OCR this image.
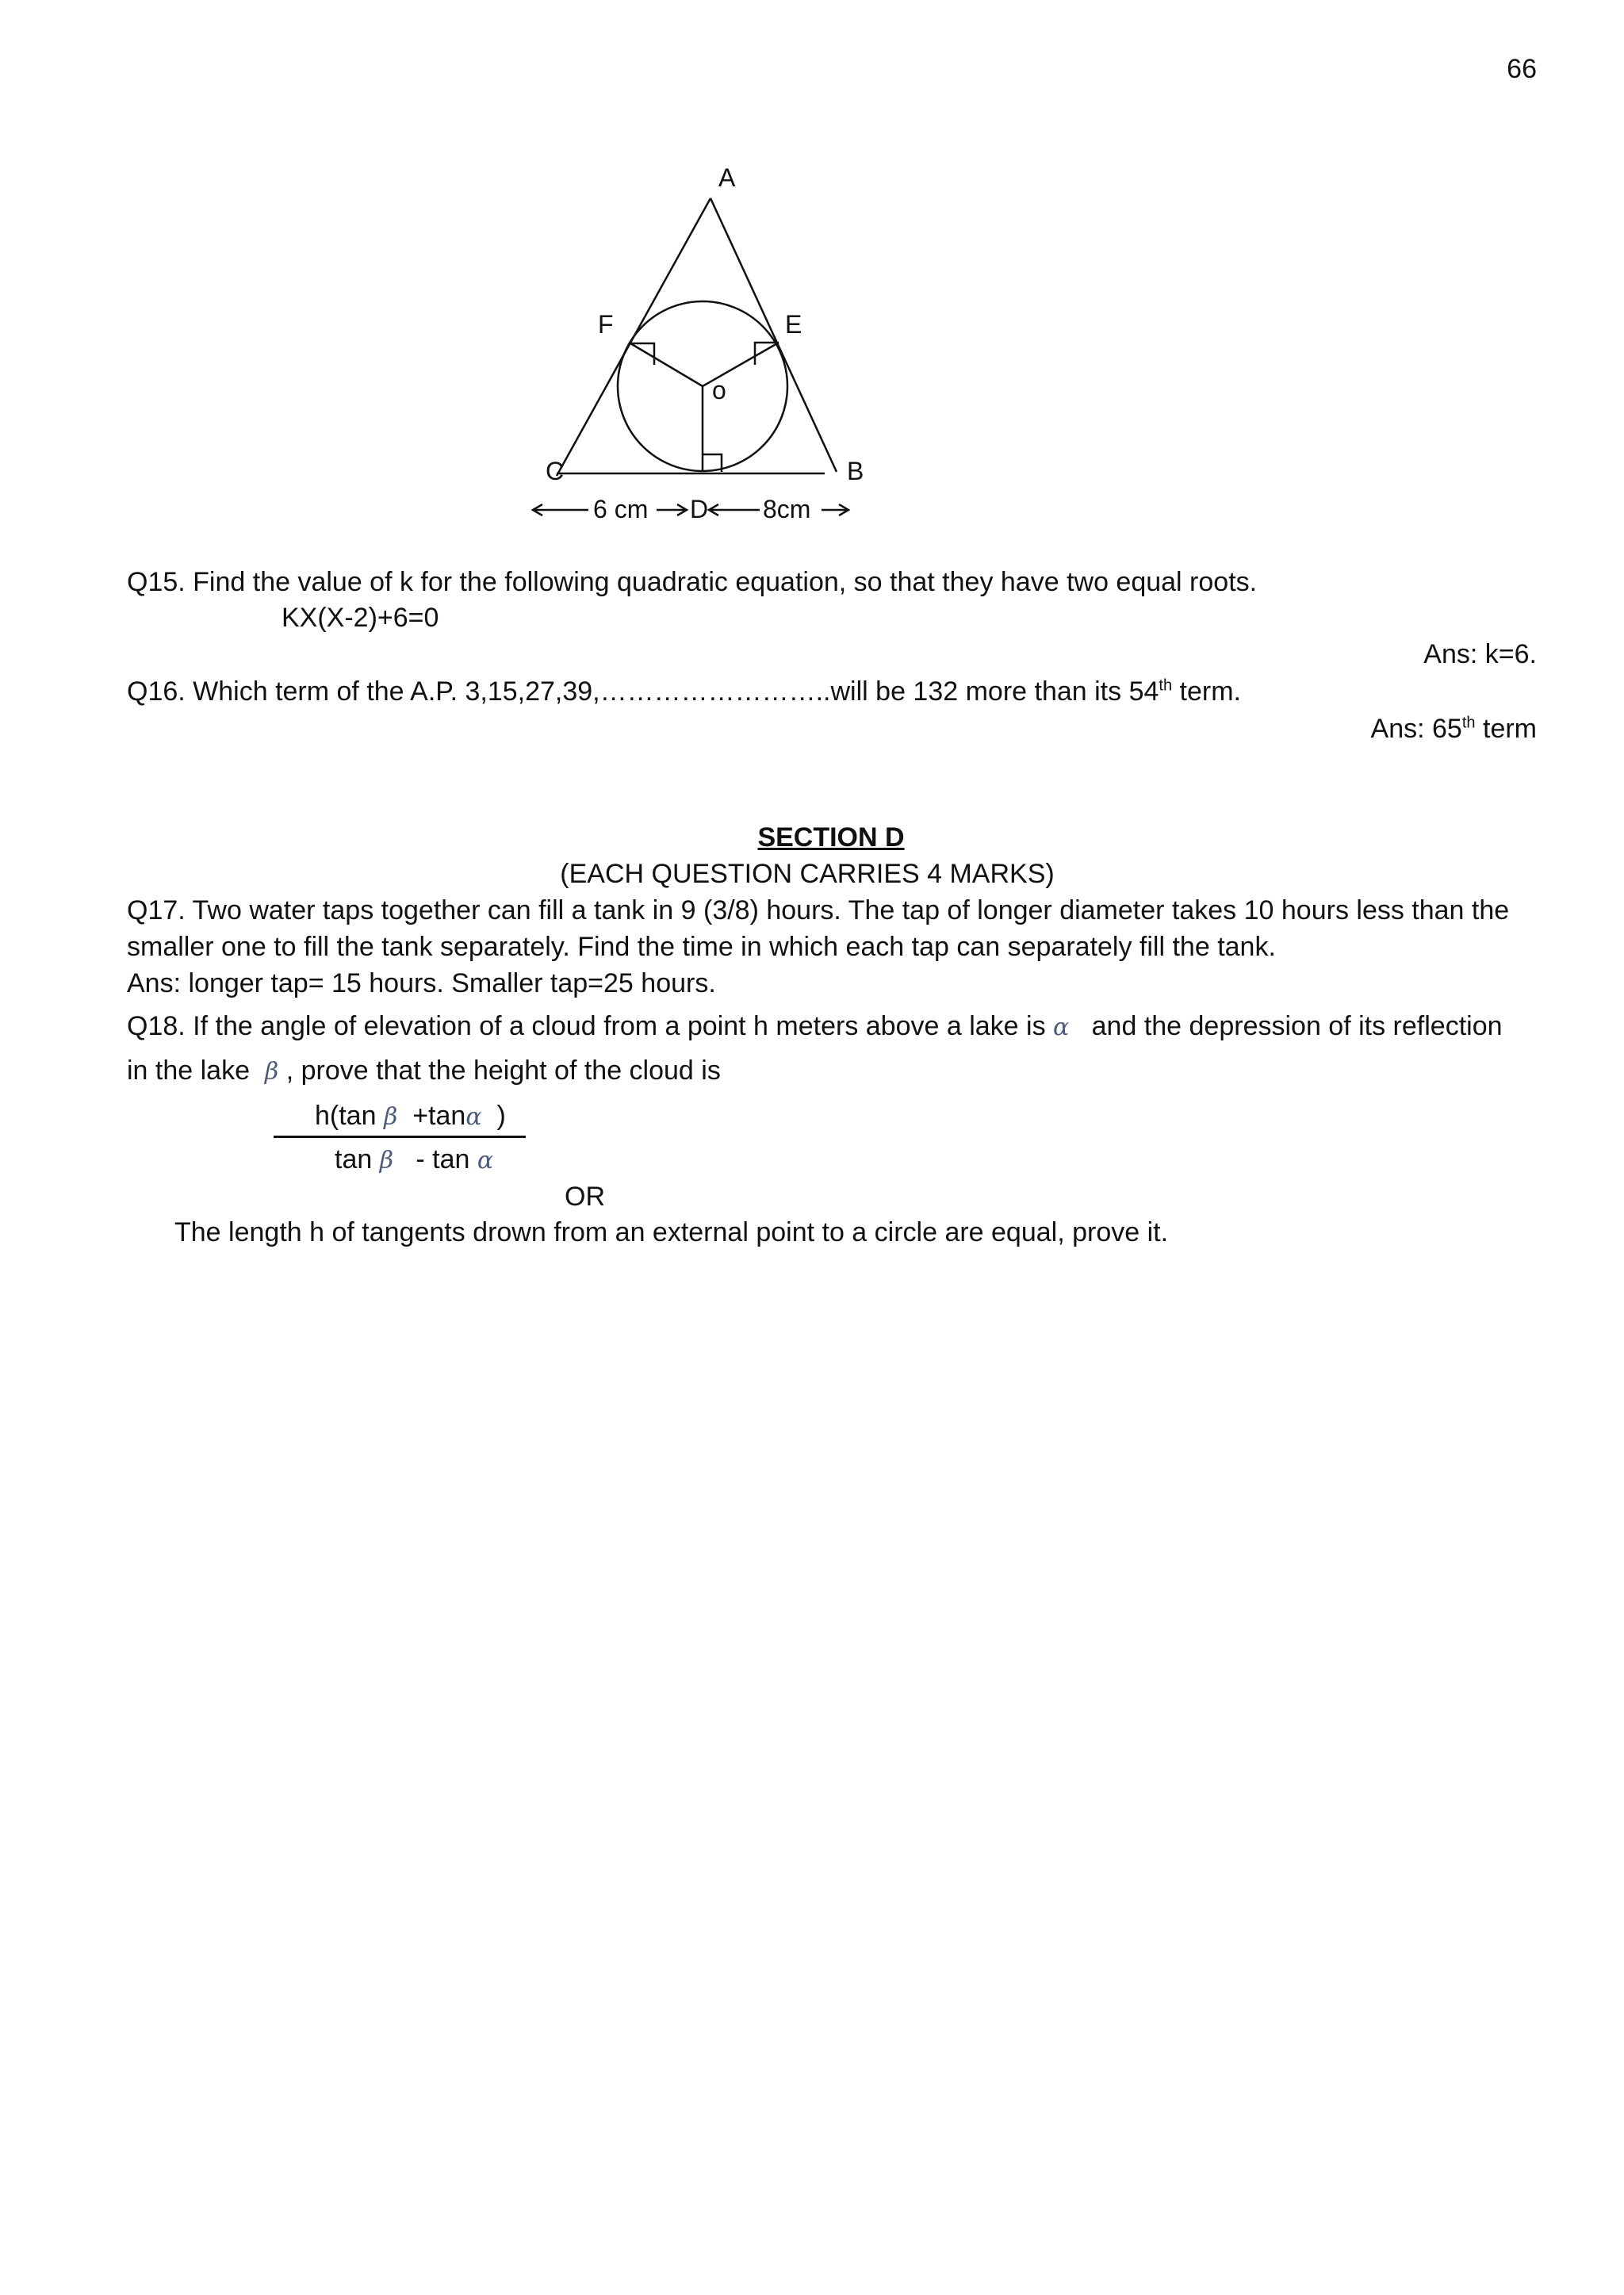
66
A
B
C
F	E
o
6 cm D 8cm
Q15. Find the value of k for the following quadratic equation, so that they have two equal roots.
KX(X-2)+6=0
Ans: k=6.
Q16. Which term of the A.P. 3,15,27,39,……………………..will be 132 more than its 54th term.
Ans: 65th term
SECTION D
(EACH QUESTION CARRIES 4 MARKS)
Q17. Two water taps together can fill a tank in 9 (3/8) hours. The tap of longer diameter takes 10 hours less than the
smaller one to fill the tank separately. Find the time in which each tap can separately fill the tank.
Ans: longer tap= 15 hours. Smaller tap=25 hours.
Q18. If the angle of elevation of a cloud from a point h meters above a lake is α and the depression of its reflection
in the lake β , prove that the height of the cloud is
h(tan β +tanα )
tan β - tan α
OR
The length h of tangents drown from an external point to a circle are equal, prove it.
